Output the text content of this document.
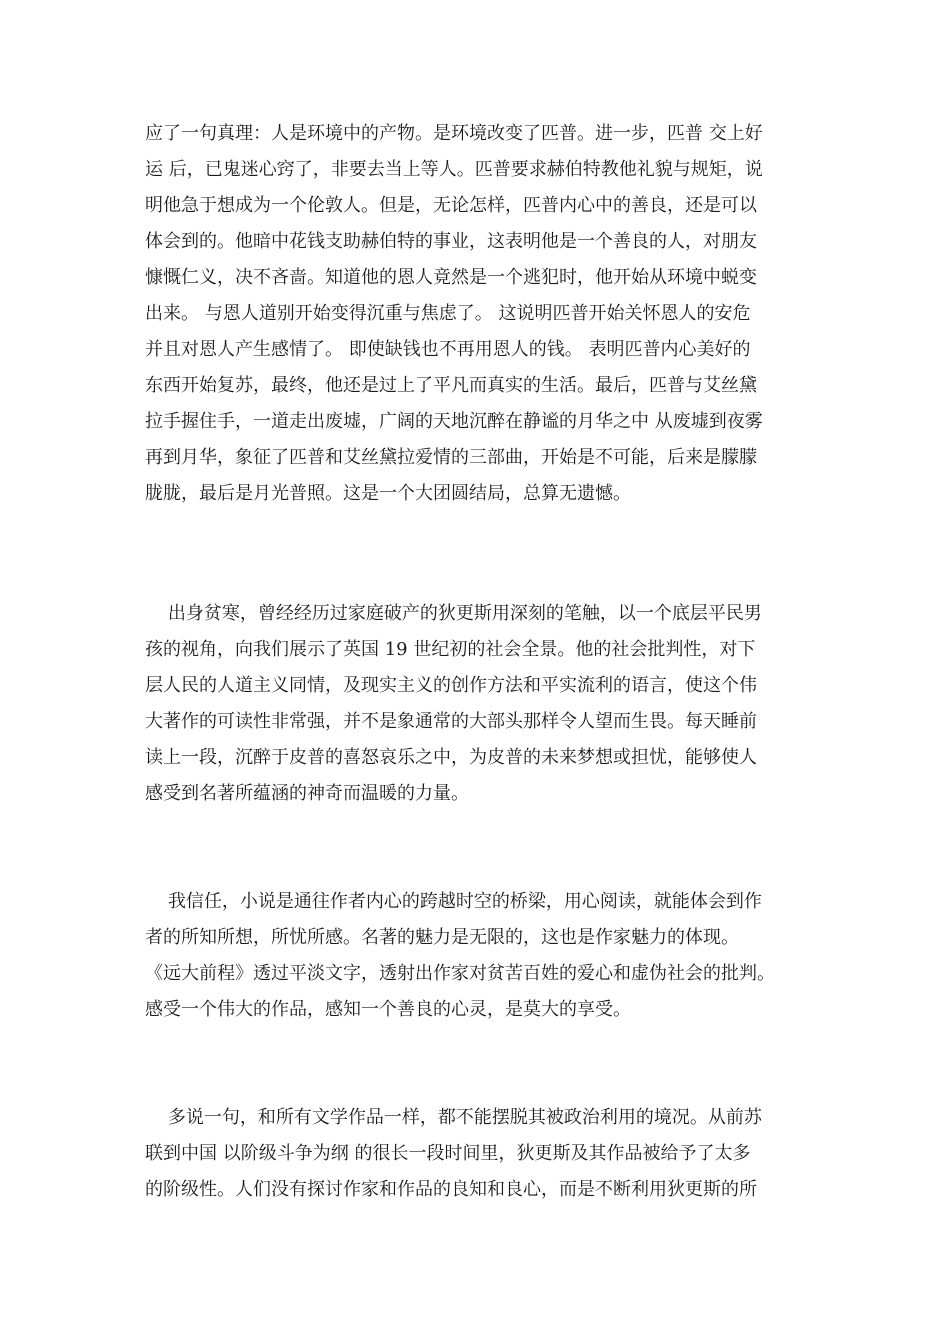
应了一句真理：人是环境中的产物。是环境改变了匹普。进一步，匹普 交上好
运 后，已鬼迷心窍了，非要去当上等人。匹普要求赫伯特教他礼貌与规矩，说
明他急于想成为一个伦敦人。但是，无论怎样，匹普内心中的善良，还是可以
体会到的。他暗中花钱支助赫伯特的事业，这表明他是一个善良的人，对朋友
慷慨仁义，决不吝啬。知道他的恩人竟然是一个逃犯时，他开始从环境中蜕变
出来。 与恩人道别开始变得沉重与焦虑了。 这说明匹普开始关怀恩人的安危
并且对恩人产生感情了。 即使缺钱也不再用恩人的钱。 表明匹普内心美好的
东西开始复苏，最终，他还是过上了平凡而真实的生活。最后，匹普与艾丝黛
拉手握住手，一道走出废墟，广阔的天地沉醉在静谧的月华之中 从废墟到夜雾
再到月华，象征了匹普和艾丝黛拉爱情的三部曲，开始是不可能，后来是朦朦
胧胧，最后是月光普照。这是一个大团圆结局，总算无遗憾。
出身贫寒，曾经经历过家庭破产的狄更斯用深刻的笔触，以一个底层平民男
孩的视角，向我们展示了英国 19 世纪初的社会全景。他的社会批判性，对下
层人民的人道主义同情，及现实主义的创作方法和平实流利的语言，使这个伟
大著作的可读性非常强，并不是象通常的大部头那样令人望而生畏。每天睡前
读上一段，沉醉于皮普的喜怒哀乐之中，为皮普的未来梦想或担忧，能够使人
感受到名著所蕴涵的神奇而温暖的力量。
我信任，小说是通往作者内心的跨越时空的桥梁，用心阅读，就能体会到作
者的所知所想，所忧所感。名著的魅力是无限的，这也是作家魅力的体现。
《远大前程》透过平淡文字，透射出作家对贫苦百姓的爱心和虚伪社会的批判。
感受一个伟大的作品，感知一个善良的心灵，是莫大的享受。
多说一句，和所有文学作品一样，都不能摆脱其被政治利用的境况。从前苏
联到中国 以阶级斗争为纲 的很长一段时间里，狄更斯及其作品被给予了太多
的阶级性。人们没有探讨作家和作品的良知和良心，而是不断利用狄更斯的所
